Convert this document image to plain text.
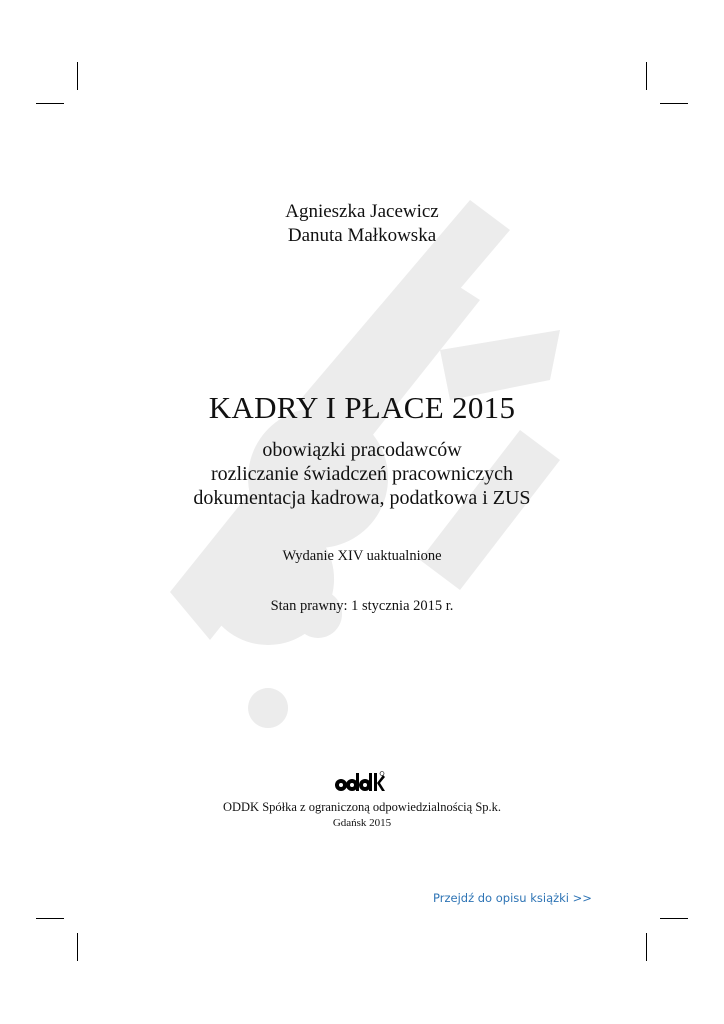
Agnieszka Jacewicz
Danuta Małkowska
KADRY I PŁACE 2015
obowiązki pracodawców
rozliczanie świadczeń pracowniczych
dokumentacja kadrowa, podatkowa i ZUS
Wydanie XIV uaktualnione
Stan prawny: 1 stycznia 2015 r.
ODDK Spółka z ograniczoną odpowiedzialnością Sp.k.
Gdańsk 2015
Przejdź do opisu książki >>
